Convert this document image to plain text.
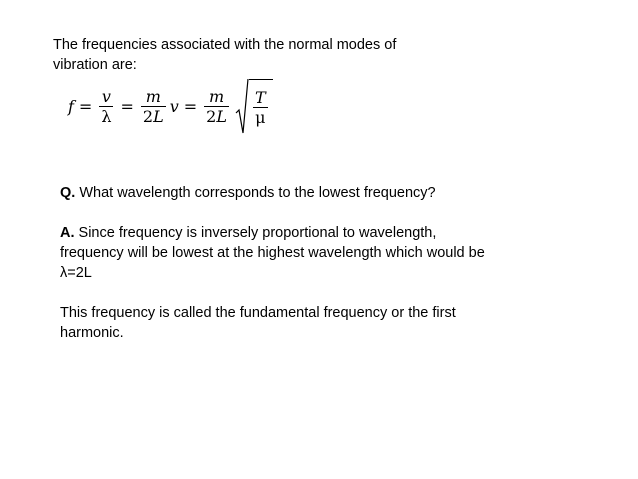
The frequencies associated with the normal modes of
vibration are:
$f = \frac{v}{\lambda} = \frac{m}{2L}$ $v = \frac{m}{2L} \frac{T}{\mu}$

Q. What wavelength corresponds to the lowest frequency?

A. Since frequency is inversely proportional to wavelength,

frequency will be lowest at the highest wavelength which would be

λ=2L

This frequency is called the fundamental frequency or the first

harmonic.
